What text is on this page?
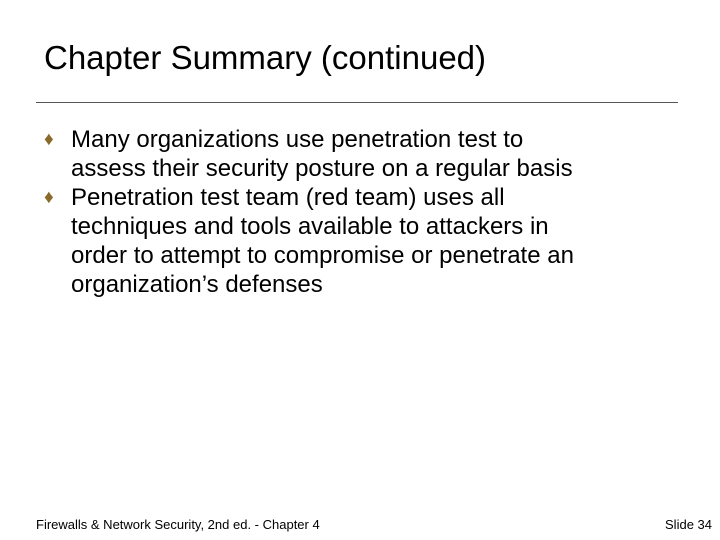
Chapter Summary (continued)
♦ Many organizations use penetration test to
assess their security posture on a regular basis
♦ Penetration test team (red team) uses all
techniques and tools available to attackers in
order to attempt to compromise or penetrate an
organization’s defenses
Firewalls & Network Security, 2nd ed. - Chapter 4	Slide 34
